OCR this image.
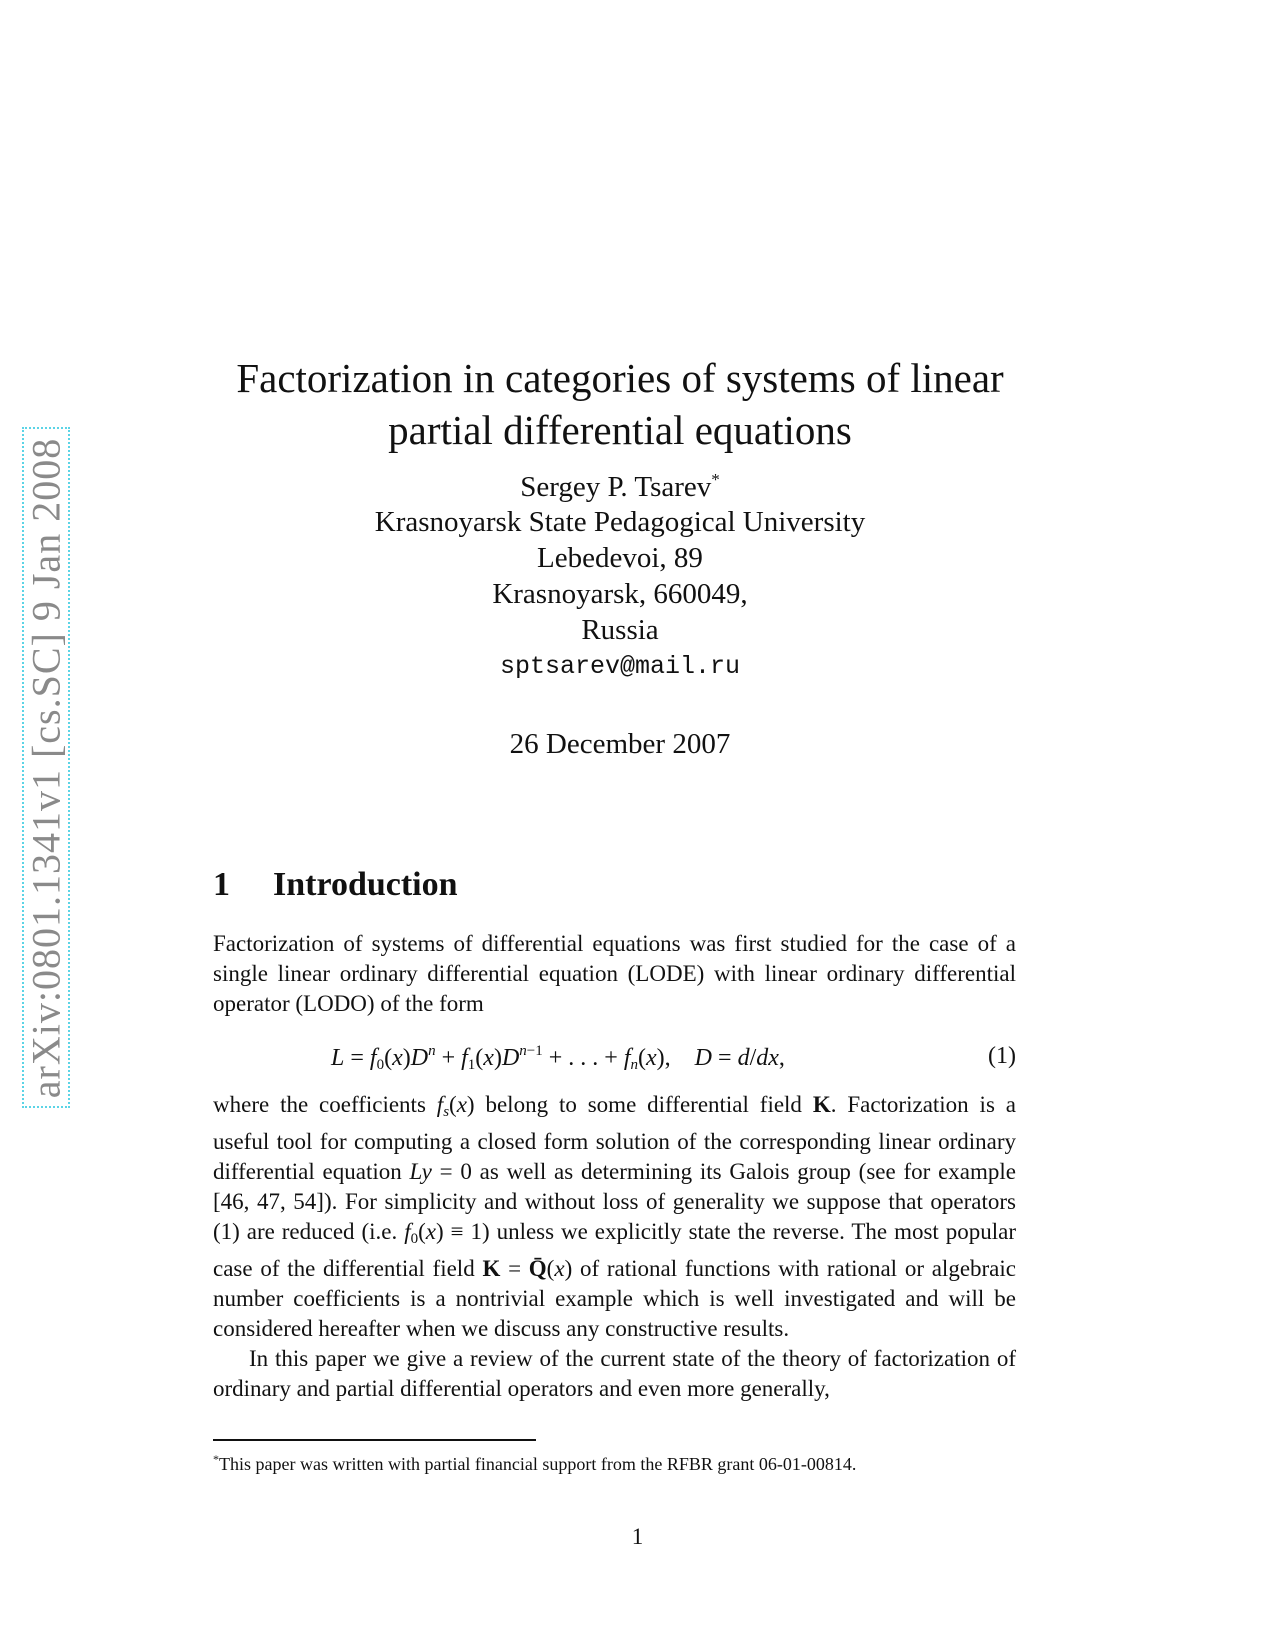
arXiv:0801.1341v1 [cs.SC] 9 Jan 2008
Factorization in categories of systems of linear
partial differential equations
Sergey P. Tsarev*
Krasnoyarsk State Pedagogical University
Lebedevoi, 89
Krasnoyarsk, 660049,
Russia
sptsarev@mail.ru
26 December 2007
1 Introduction

Factorization of systems of differential equations was first studied for the case of a single linear ordinary differential equation (LODE) with linear ordinary differential operator (LODO) of the form

$L = f0(x)D^n + f1(x)D^{n-1}$ + . . . + fn(x),    D = d/dx,	(1)

where the coefficients fs(x) belong to some differential field K. Factorization is a useful tool for computing a closed form solution of the corresponding linear ordinary differential equation Ly = 0 as well as determining its Galois group (see for example [46, 47, 54]). For simplicity and without loss of generality we suppose that operators (1) are reduced (i.e. f0(x) ≡ 1) unless we explicitly state the reverse. The most popular case of the differential field K = Q̄(x) of rational functions with rational or algebraic number coefficients is a nontrivial example which is well investigated and will be considered hereafter when we discuss any constructive results.

In this paper we give a review of the current state of the theory of factorization of ordinary and partial differential operators and even more generally,

*This paper was written with partial financial support from the RFBR grant 06-01-00814.
1
